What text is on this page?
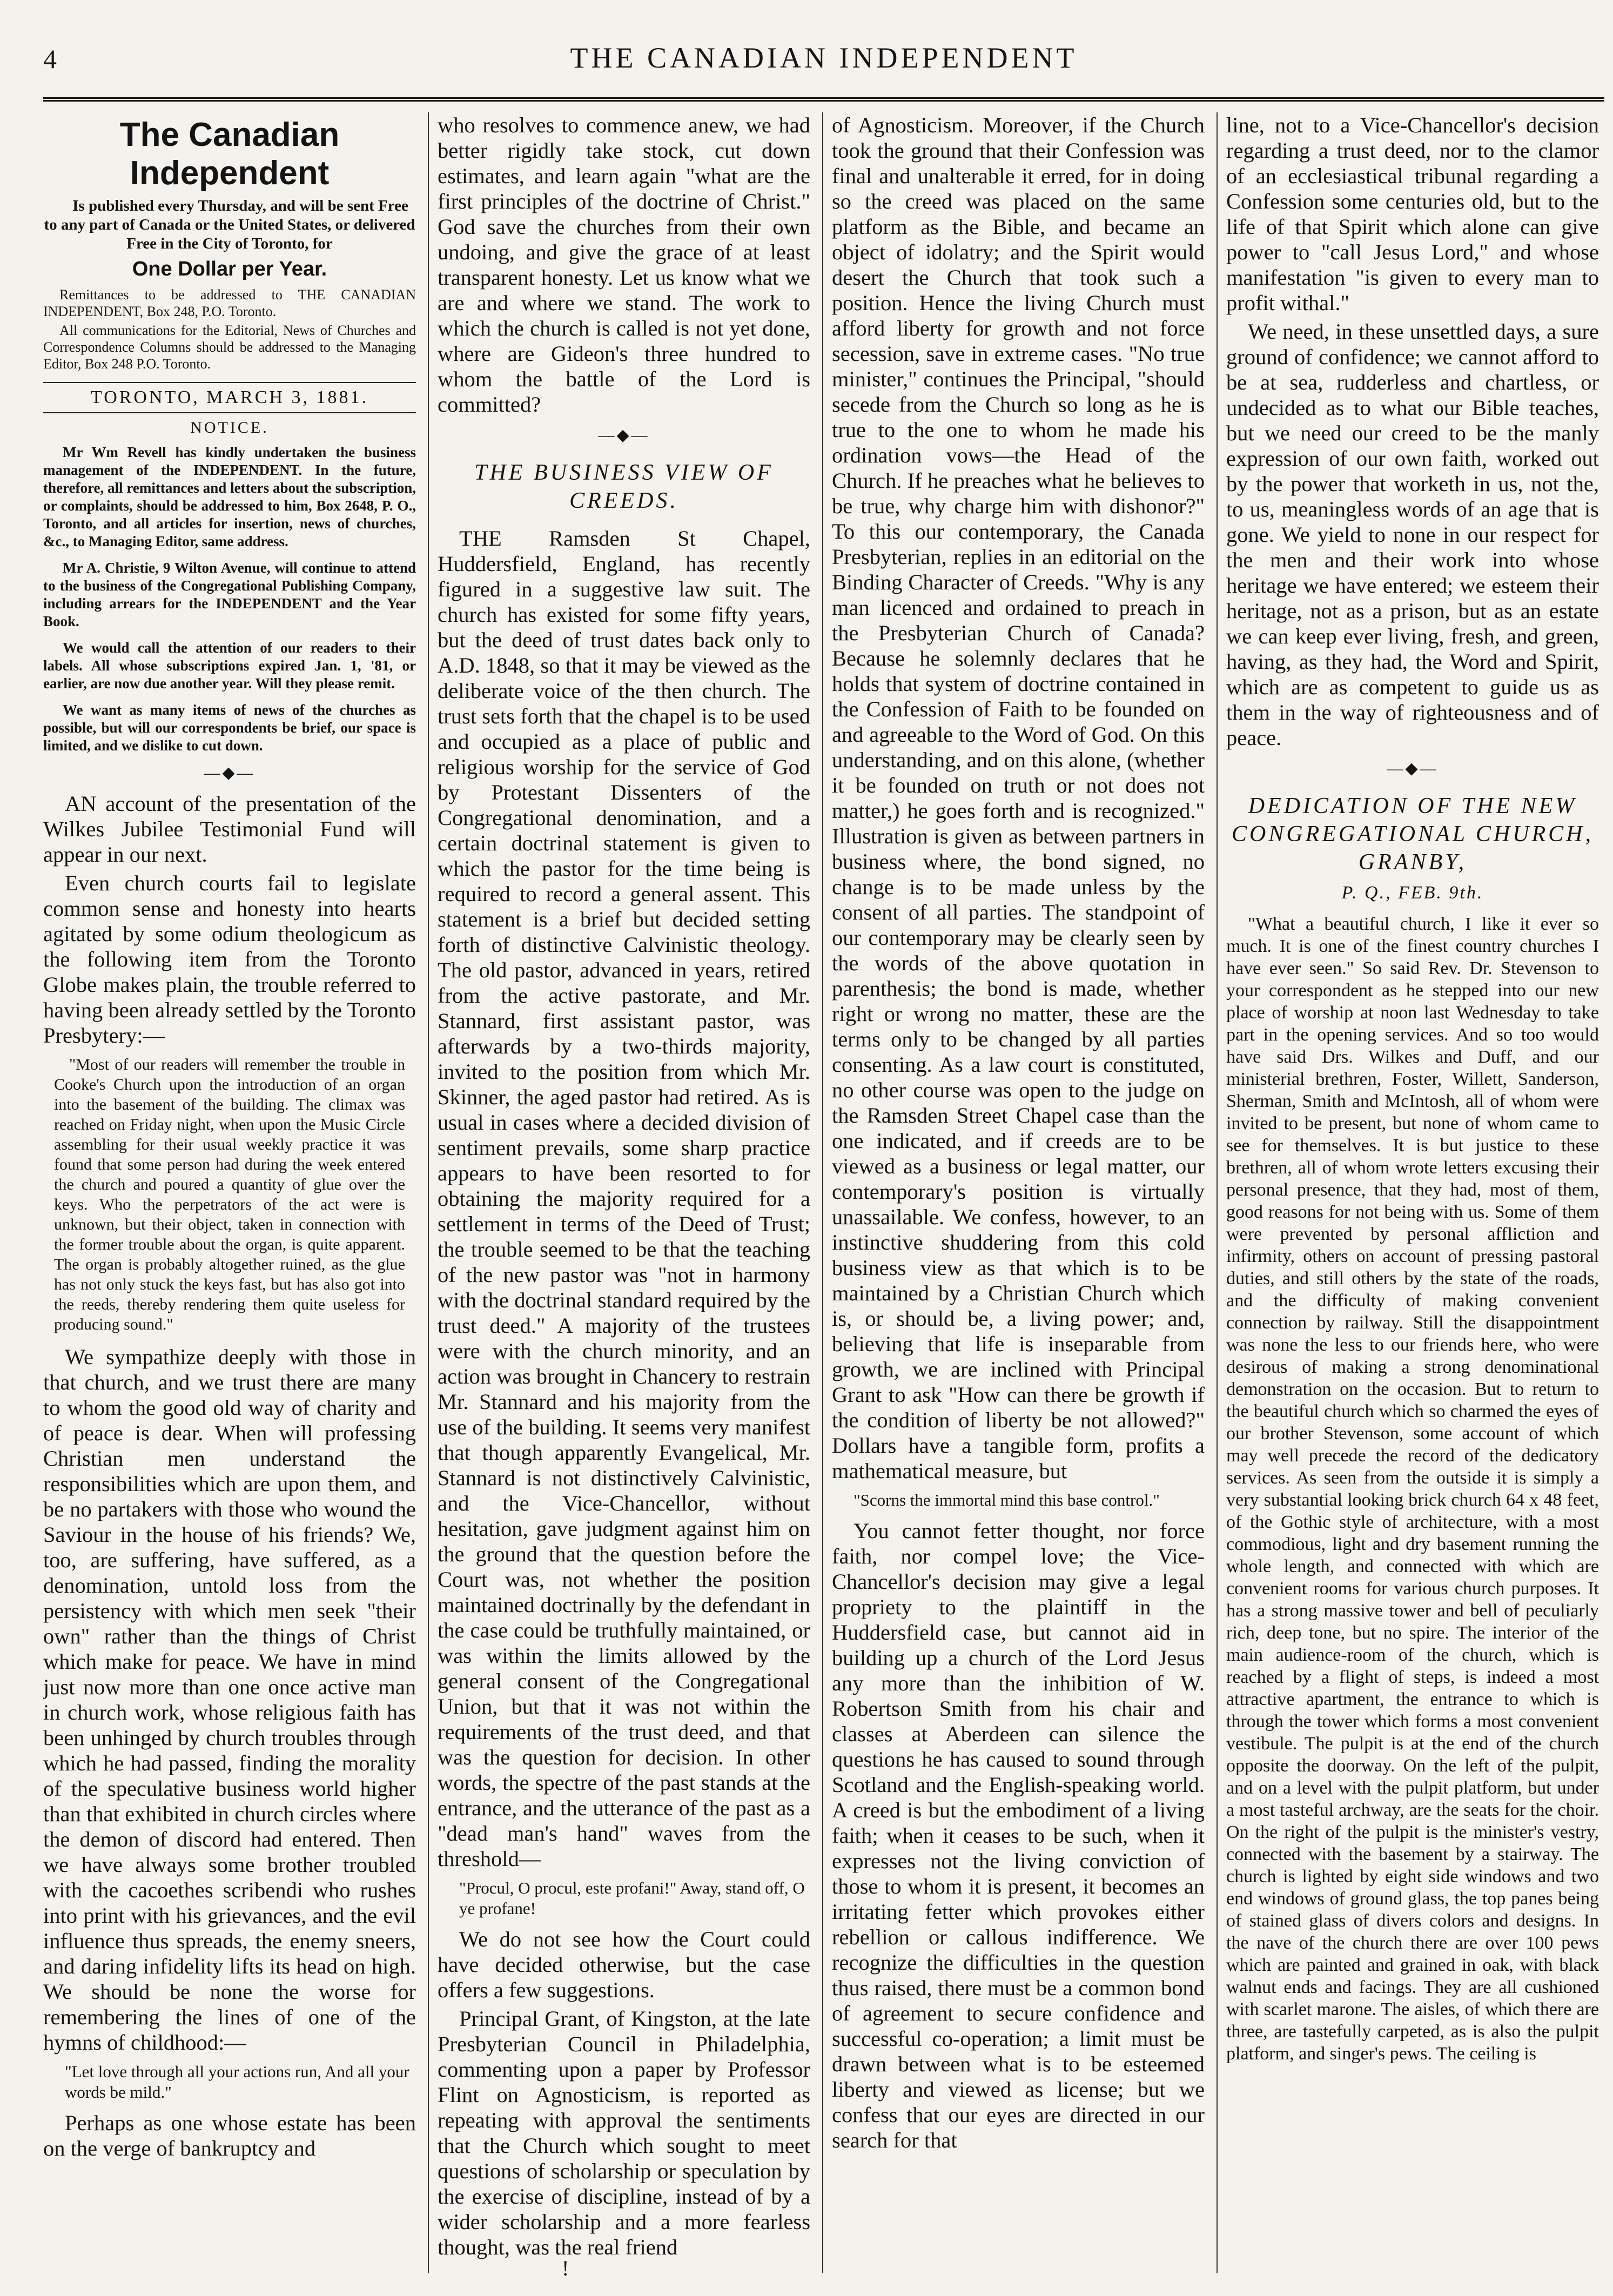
4	THE CANADIAN INDEPENDENT
The Canadian Independent

Is published every Thursday, and will be sent Free to any part of Canada or the United States, or delivered Free in the City of Toronto, for

One Dollar per Year.

Remittances to be addressed to THE CANADIAN INDEPENDENT, Box 248, P.O. Toronto.

All communications for the Editorial, News of Churches and Correspondence Columns should be addressed to the Managing Editor, Box 248 P.O. Toronto.

TORONTO, MARCH 3, 1881.
NOTICE.

Mr Wm Revell has kindly undertaken the business management of the INDEPENDENT. In the future, therefore, all remittances and letters about the subscription, or complaints, should be addressed to him, Box 2648, P. O., Toronto, and all articles for insertion, news of churches, &c., to Managing Editor, same address.

Mr A. Christie, 9 Wilton Avenue, will continue to attend to the business of the Congregational Publishing Company, including arrears for the INDEPENDENT and the Year Book.

We would call the attention of our readers to their labels. All whose subscriptions expired Jan. 1, '81, or earlier, are now due another year. Will they please remit.

We want as many items of news of the churches as possible, but will our correspondents be brief, our space is limited, and we dislike to cut down.

—◆—

AN account of the presentation of the Wilkes Jubilee Testimonial Fund will appear in our next.

Even church courts fail to legislate common sense and honesty into hearts agitated by some odium theologicum as the following item from the Toronto Globe makes plain, the trouble referred to having been already settled by the Toronto Presbytery:—

"Most of our readers will remember the trouble in Cooke's Church upon the introduction of an organ into the basement of the building. The climax was reached on Friday night, when upon the Music Circle assembling for their usual weekly practice it was found that some person had during the week entered the church and poured a quantity of glue over the keys. Who the perpetrators of the act were is unknown, but their object, taken in connection with the former trouble about the organ, is quite apparent. The organ is probably altogether ruined, as the glue has not only stuck the keys fast, but has also got into the reeds, thereby rendering them quite useless for producing sound."

We sympathize deeply with those in that church, and we trust there are many to whom the good old way of charity and of peace is dear. When will professing Christian men understand the responsibilities which are upon them, and be no partakers with those who wound the Saviour in the house of his friends? We, too, are suffering, have suffered, as a denomination, untold loss from the persistency with which men seek "their own" rather than the things of Christ which make for peace. We have in mind just now more than one once active man in church work, whose religious faith has been unhinged by church troubles through which he had passed, finding the morality of the speculative business world higher than that exhibited in church circles where the demon of discord had entered. Then we have always some brother troubled with the cacoethes scribendi who rushes into print with his grievances, and the evil influence thus spreads, the enemy sneers, and daring infidelity lifts its head on high. We should be none the worse for remembering the lines of one of the hymns of childhood:—

"Let love through all your actions run, And all your words be mild."

Perhaps as one whose estate has been on the verge of bankruptcy and

who resolves to commence anew, we had better rigidly take stock, cut down estimates, and learn again "what are the first principles of the doctrine of Christ." God save the churches from their own undoing, and give the grace of at least transparent honesty. Let us know what we are and where we stand. The work to which the church is called is not yet done, where are Gideon's three hundred to whom the battle of the Lord is committed?

—◆—
THE BUSINESS VIEW OF CREEDS.

THE Ramsden St Chapel, Huddersfield, England, has recently figured in a suggestive law suit. The church has existed for some fifty years, but the deed of trust dates back only to A.D. 1848, so that it may be viewed as the deliberate voice of the then church. The trust sets forth that the chapel is to be used and occupied as a place of public and religious worship for the service of God by Protestant Dissenters of the Congregational denomination, and a certain doctrinal statement is given to which the pastor for the time being is required to record a general assent. This statement is a brief but decided setting forth of distinctive Calvinistic theology. The old pastor, advanced in years, retired from the active pastorate, and Mr. Stannard, first assistant pastor, was afterwards by a two-thirds majority, invited to the position from which Mr. Skinner, the aged pastor had retired. As is usual in cases where a decided division of sentiment prevails, some sharp practice appears to have been resorted to for obtaining the majority required for a settlement in terms of the Deed of Trust; the trouble seemed to be that the teaching of the new pastor was "not in harmony with the doctrinal standard required by the trust deed." A majority of the trustees were with the church minority, and an action was brought in Chancery to restrain Mr. Stannard and his majority from the use of the building. It seems very manifest that though apparently Evangelical, Mr. Stannard is not distinctively Calvinistic, and the Vice-Chancellor, without hesitation, gave judgment against him on the ground that the question before the Court was, not whether the position maintained doctrinally by the defendant in the case could be truthfully maintained, or was within the limits allowed by the general consent of the Congregational Union, but that it was not within the requirements of the trust deed, and that was the question for decision. In other words, the spectre of the past stands at the entrance, and the utterance of the past as a "dead man's hand" waves from the threshold—

"Procul, O procul, este profani!" Away, stand off, O ye profane!

We do not see how the Court could have decided otherwise, but the case offers a few suggestions.

Principal Grant, of Kingston, at the late Presbyterian Council in Philadelphia, commenting upon a paper by Professor Flint on Agnosticism, is reported as repeating with approval the sentiments that the Church which sought to meet questions of scholarship or speculation by the exercise of discipline, instead of by a wider scholarship and a more fearless thought, was the real friend

of Agnosticism. Moreover, if the Church took the ground that their Confession was final and unalterable it erred, for in doing so the creed was placed on the same platform as the Bible, and became an object of idolatry; and the Spirit would desert the Church that took such a position. Hence the living Church must afford liberty for growth and not force secession, save in extreme cases. "No true minister," continues the Principal, "should secede from the Church so long as he is true to the one to whom he made his ordination vows—the Head of the Church. If he preaches what he believes to be true, why charge him with dishonor?" To this our contemporary, the Canada Presbyterian, replies in an editorial on the Binding Character of Creeds. "Why is any man licenced and ordained to preach in the Presbyterian Church of Canada? Because he solemnly declares that he holds that system of doctrine contained in the Confession of Faith to be founded on and agreeable to the Word of God. On this understanding, and on this alone, (whether it be founded on truth or not does not matter,) he goes forth and is recognized." Illustration is given as between partners in business where, the bond signed, no change is to be made unless by the consent of all parties. The standpoint of our contemporary may be clearly seen by the words of the above quotation in parenthesis; the bond is made, whether right or wrong no matter, these are the terms only to be changed by all parties consenting. As a law court is constituted, no other course was open to the judge on the Ramsden Street Chapel case than the one indicated, and if creeds are to be viewed as a business or legal matter, our contemporary's position is virtually unassailable. We confess, however, to an instinctive shuddering from this cold business view as that which is to be maintained by a Christian Church which is, or should be, a living power; and, believing that life is inseparable from growth, we are inclined with Principal Grant to ask "How can there be growth if the condition of liberty be not allowed?" Dollars have a tangible form, profits a mathematical measure, but

"Scorns the immortal mind this base control."

You cannot fetter thought, nor force faith, nor compel love; the Vice-Chancellor's decision may give a legal propriety to the plaintiff in the Huddersfield case, but cannot aid in building up a church of the Lord Jesus any more than the inhibition of W. Robertson Smith from his chair and classes at Aberdeen can silence the questions he has caused to sound through Scotland and the English-speaking world. A creed is but the embodiment of a living faith; when it ceases to be such, when it expresses not the living conviction of those to whom it is present, it becomes an irritating fetter which provokes either rebellion or callous indifference. We recognize the difficulties in the question thus raised, there must be a common bond of agreement to secure confidence and successful co-operation; a limit must be drawn between what is to be esteemed liberty and viewed as license; but we confess that our eyes are directed in our search for that

line, not to a Vice-Chancellor's decision regarding a trust deed, nor to the clamor of an ecclesiastical tribunal regarding a Confession some centuries old, but to the life of that Spirit which alone can give power to "call Jesus Lord," and whose manifestation "is given to every man to profit withal."

We need, in these unsettled days, a sure ground of confidence; we cannot afford to be at sea, rudderless and chartless, or undecided as to what our Bible teaches, but we need our creed to be the manly expression of our own faith, worked out by the power that worketh in us, not the, to us, meaningless words of an age that is gone. We yield to none in our respect for the men and their work into whose heritage we have entered; we esteem their heritage, not as a prison, but as an estate we can keep ever living, fresh, and green, having, as they had, the Word and Spirit, which are as competent to guide us as them in the way of righteousness and of peace.

—◆—
DEDICATION OF THE NEW CONGREGATIONAL CHURCH, GRANBY,
P. Q., FEB. 9th.

"What a beautiful church, I like it ever so much. It is one of the finest country churches I have ever seen." So said Rev. Dr. Stevenson to your correspondent as he stepped into our new place of worship at noon last Wednesday to take part in the opening services. And so too would have said Drs. Wilkes and Duff, and our ministerial brethren, Foster, Willett, Sanderson, Sherman, Smith and McIntosh, all of whom were invited to be present, but none of whom came to see for themselves. It is but justice to these brethren, all of whom wrote letters excusing their personal presence, that they had, most of them, good reasons for not being with us. Some of them were prevented by personal affliction and infirmity, others on account of pressing pastoral duties, and still others by the state of the roads, and the difficulty of making convenient connection by railway. Still the disappointment was none the less to our friends here, who were desirous of making a strong denominational demonstration on the occasion. But to return to the beautiful church which so charmed the eyes of our brother Stevenson, some account of which may well precede the record of the dedicatory services. As seen from the outside it is simply a very substantial looking brick church 64 x 48 feet, of the Gothic style of architecture, with a most commodious, light and dry basement running the whole length, and connected with which are convenient rooms for various church purposes. It has a strong massive tower and bell of peculiarly rich, deep tone, but no spire. The interior of the main audience-room of the church, which is reached by a flight of steps, is indeed a most attractive apartment, the entrance to which is through the tower which forms a most convenient vestibule. The pulpit is at the end of the church opposite the doorway. On the left of the pulpit, and on a level with the pulpit platform, but under a most tasteful archway, are the seats for the choir. On the right of the pulpit is the minister's vestry, connected with the basement by a stairway. The church is lighted by eight side windows and two end windows of ground glass, the top panes being of stained glass of divers colors and designs. In the nave of the church there are over 100 pews which are painted and grained in oak, with black walnut ends and facings. They are all cushioned with scarlet marone. The aisles, of which there are three, are tastefully carpeted, as is also the pulpit platform, and singer's pews. The ceiling is

!
